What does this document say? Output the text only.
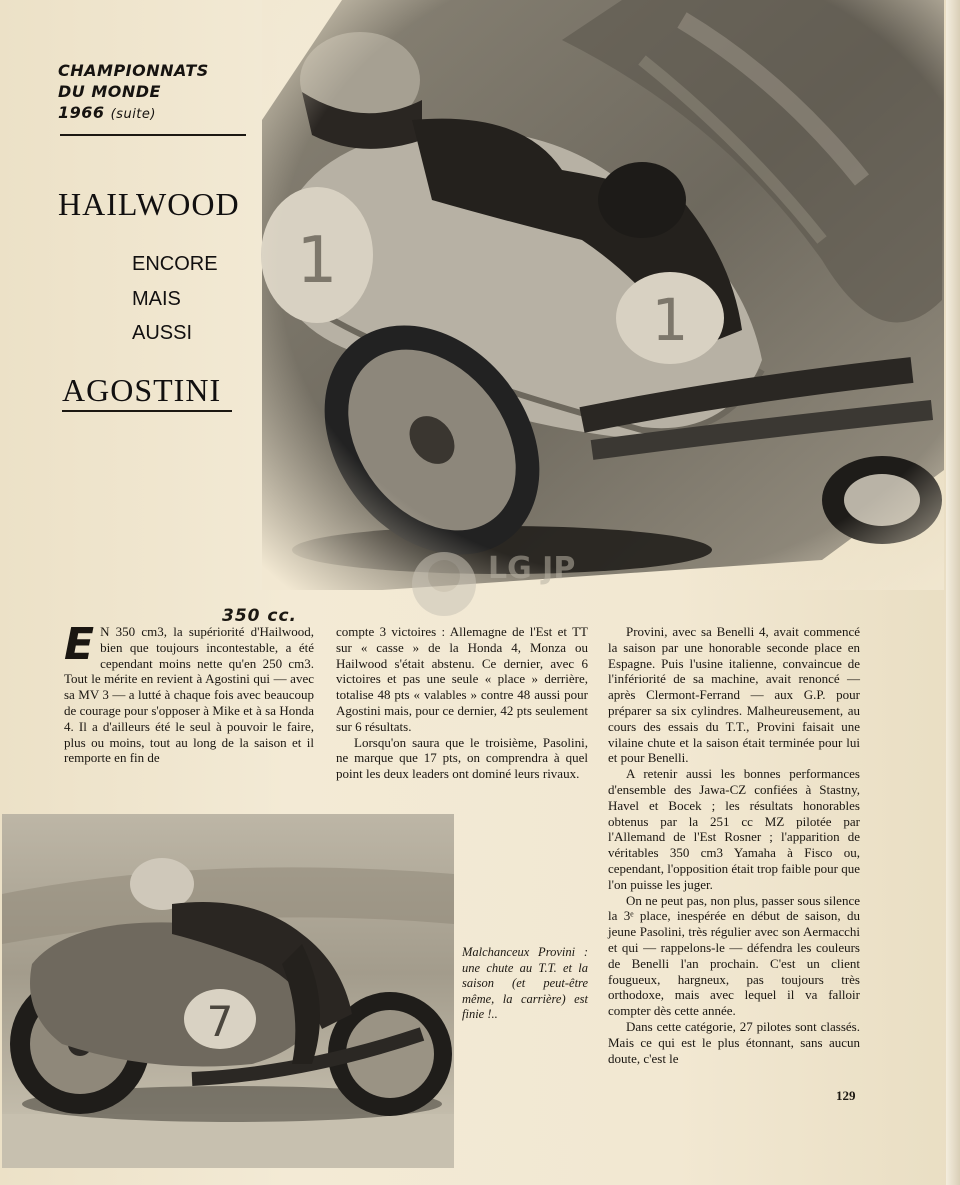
CHAMPIONNATS
DU MONDE
1966 (suite)
HAILWOOD
ENCORE
MAIS
AUSSI
AGOSTINI
LG JP
350 cc.

E N 350 cm3, la supériorité d'Hailwood, bien que toujours incontestable, a été cependant moins nette qu'en 250 cm3. Tout le mérite en revient à Agostini qui — avec sa MV 3 — a lutté à chaque fois avec beaucoup de courage pour s'opposer à Mike et à sa Honda 4. Il a d'ailleurs été le seul à pouvoir le faire, plus ou moins, tout au long de la saison et il remporte en fin de

compte 3 victoires : Allemagne de l'Est et TT sur « casse » de la Honda 4, Monza ou Hailwood s'était abstenu. Ce dernier, avec 6 victoires et pas une seule « place » derrière, totalise 48 pts « valables » contre 48 aussi pour Agostini mais, pour ce dernier, 42 pts seulement sur 6 résultats.

Lorsqu'on saura que le troisième, Pasolini, ne marque que 17 pts, on comprendra à quel point les deux leaders ont dominé leurs rivaux.

Provini, avec sa Benelli 4, avait commencé la saison par une honorable seconde place en Espagne. Puis l'usine italienne, convaincue de l'infériorité de sa machine, avait renoncé — après Clermont-Ferrand — aux G.P. pour préparer sa six cylindres. Malheureusement, au cours des essais du T.T., Provini faisait une vilaine chute et la saison était terminée pour lui et pour Benelli.

A retenir aussi les bonnes performances d'ensemble des Jawa-CZ confiées à Stastny, Havel et Bocek ; les résultats honorables obtenus par la 251 cc MZ pilotée par l'Allemand de l'Est Rosner ; l'apparition de véritables 350 cm3 Yamaha à Fisco ou, cependant, l'opposition était trop faible pour que l'on puisse les juger.

On ne peut pas, non plus, passer sous silence la 3ᵉ place, inespérée en début de saison, du jeune Pasolini, très régulier avec son Aermacchi et qui — rappelons-le — défendra les couleurs de Benelli l'an prochain. C'est un client fougueux, hargneux, pas toujours très orthodoxe, mais avec lequel il va falloir compter dès cette année.

Dans cette catégorie, 27 pilotes sont classés. Mais ce qui est le plus étonnant, sans aucun doute, c'est le

7
Malchanceux Provini : une chute au T.T. et la saison (et peut-être même, la carrière) est finie !..
129
